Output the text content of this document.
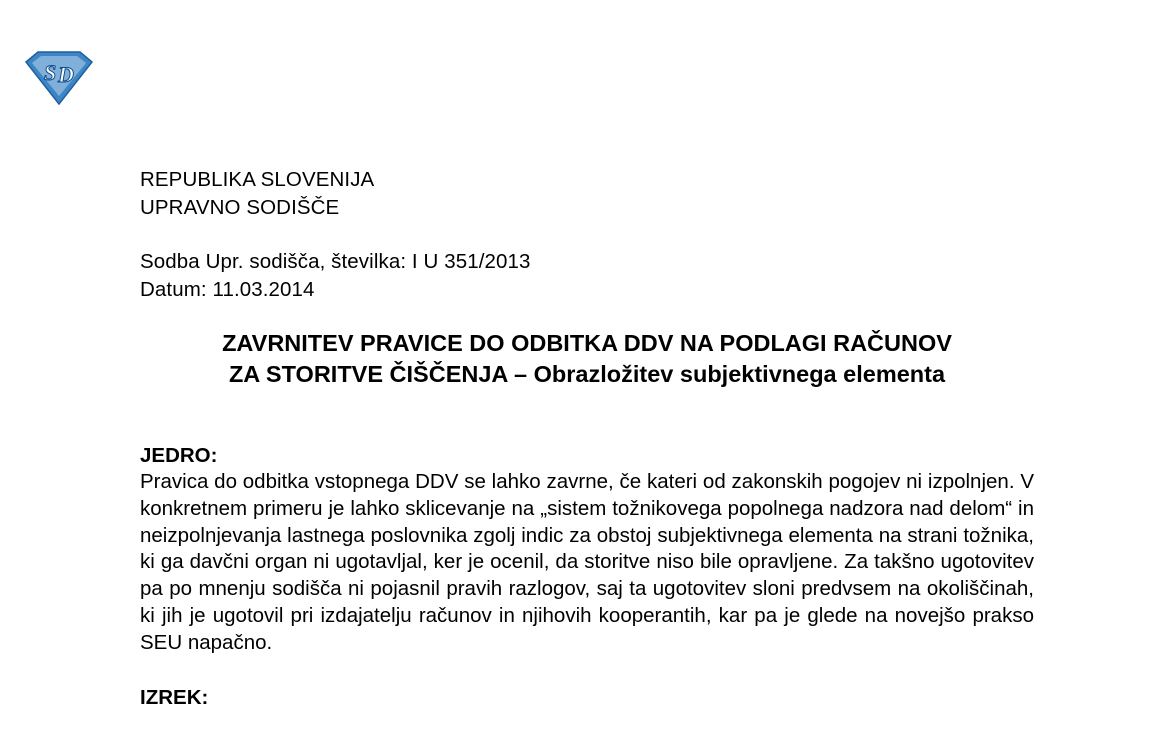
S D

REPUBLIKA SLOVENIJA

UPRAVNO SODIŠČE

Sodba Upr. sodišča, številka: I U 351/2013

Datum: 11.03.2014

ZAVRNITEV PRAVICE DO ODBITKA DDV NA PODLAGI RAČUNOV
ZA STORITVE ČIŠČENJA – Obrazložitev subjektivnega elementa
JEDRO:

Pravica do odbitka vstopnega DDV se lahko zavrne, če kateri od zakonskih pogojev ni izpolnjen. V konkretnem primeru je lahko sklicevanje na „sistem tožnikovega popolnega nadzora nad delom“ in neizpolnjevanja lastnega poslovnika zgolj indic za obstoj subjektivnega elementa na strani tožnika, ki ga davčni organ ni ugotavljal, ker je ocenil, da storitve niso bile opravljene. Za takšno ugotovitev pa po mnenju sodišča ni pojasnil pravih razlogov, saj ta ugotovitev sloni predvsem na okoliščinah, ki jih je ugotovil pri izdajatelju računov in njihovih kooperantih, kar pa je glede na novejšo prakso SEU napačno.

IZREK:
